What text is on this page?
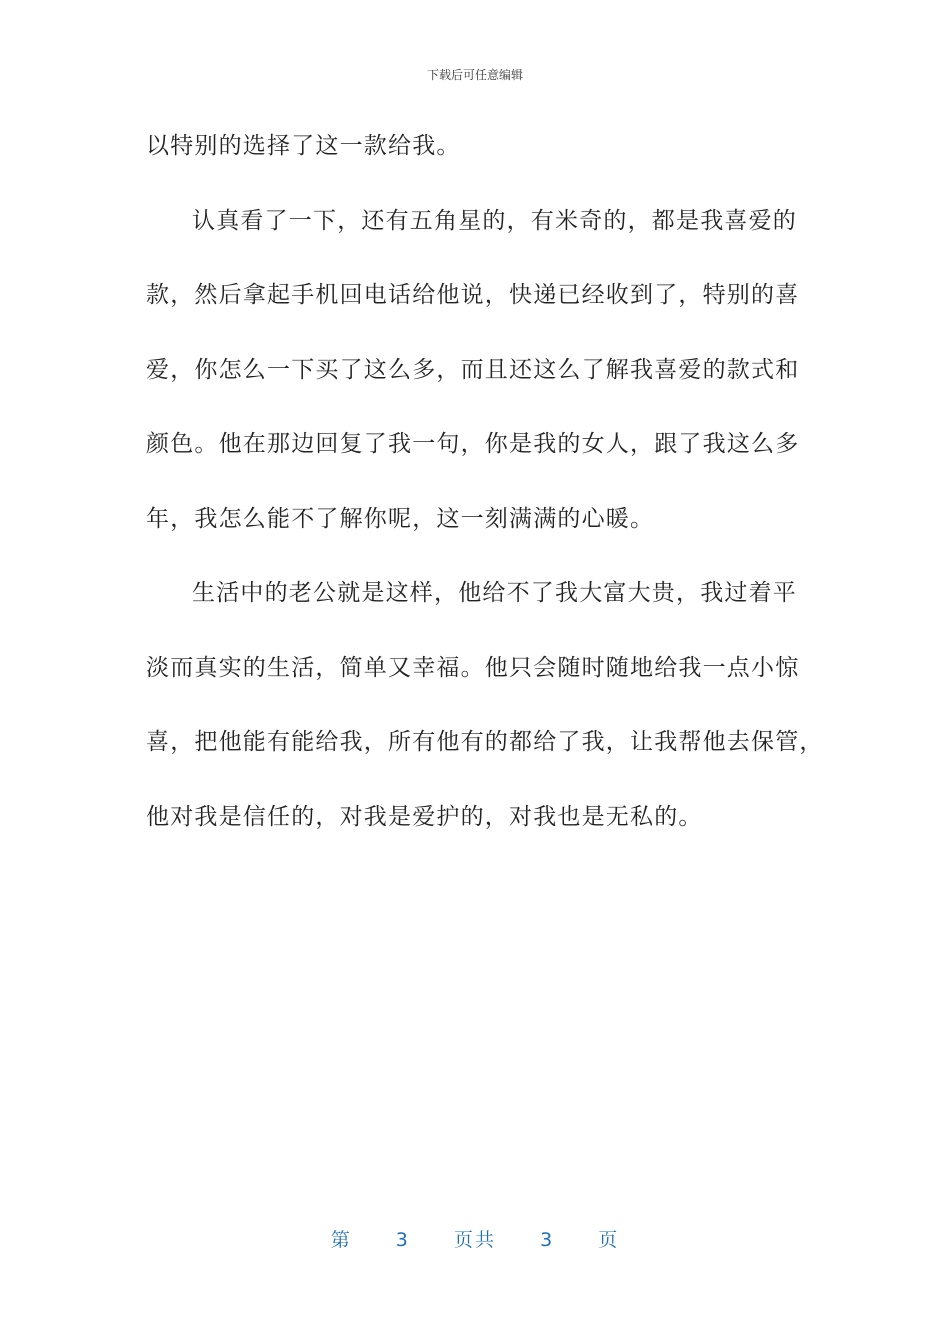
下载后可任意编辑
以特别的选择了这一款给我。
认真看了一下，还有五角星的，有米奇的，都是我喜爱的
款，然后拿起手机回电话给他说，快递已经收到了，特别的喜
爱，你怎么一下买了这么多，而且还这么了解我喜爱的款式和
颜色。他在那边回复了我一句，你是我的女人，跟了我这么多
年，我怎么能不了解你呢，这一刻满满的心暖。
生活中的老公就是这样，他给不了我大富大贵，我过着平
淡而真实的生活，简单又幸福。他只会随时随地给我一点小惊
喜，把他能有能给我，所有他有的都给了我，让我帮他去保管，
他对我是信任的，对我是爱护的，对我也是无私的。
第 3 页共 3 页
